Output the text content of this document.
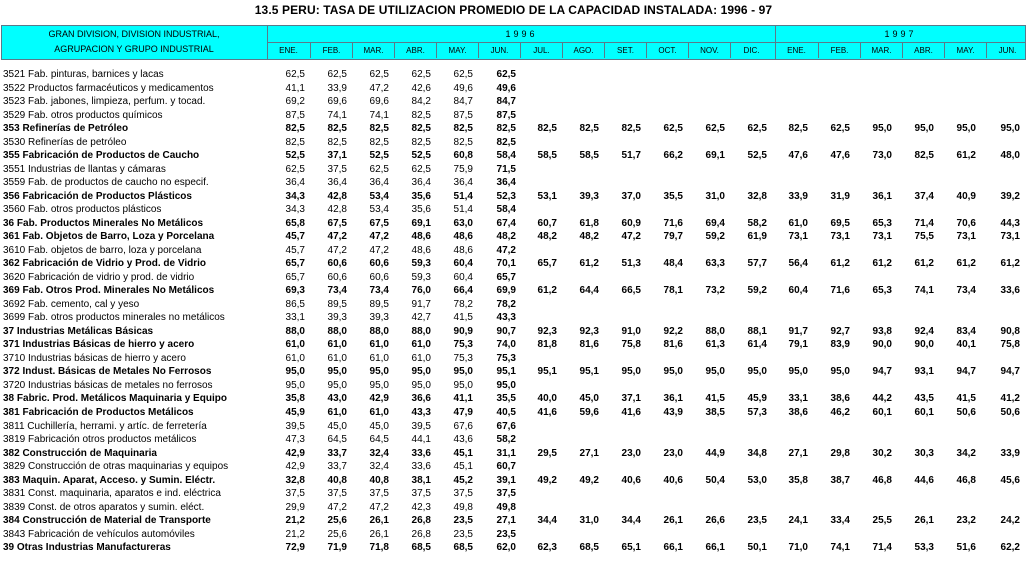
13.5 PERU: TASA DE UTILIZACION PROMEDIO DE LA CAPACIDAD INSTALADA: 1996 - 97
GRAN DIVISION, DIVISION INDUSTRIAL,
AGRUPACION Y GRUPO INDUSTRIAL
1996	1997
ENE.	FEB.	MAR.	ABR.	MAY.	JUN.	JUL.	AGO.	SET.	OCT.	NOV.	DIC.	ENE.	FEB.	MAR.	ABR.	MAY.	JUN.
3521 Fab. pinturas, barnices y lacas	62,5	62,5	62,5	62,5	62,5	62,5
3522 Productos farmacéuticos y medicamentos	41,1	33,9	47,2	42,6	49,6	49,6
3523 Fab. jabones, limpieza, perfum. y tocad.	69,2	69,6	69,6	84,2	84,7	84,7
3529 Fab. otros productos químicos	87,5	74,1	74,1	82,5	87,5	87,5
353 Refinerías de Petróleo	82,5	82,5	82,5	82,5	82,5	82,5	82,5	82,5	82,5	62,5	62,5	62,5	82,5	62,5	95,0	95,0	95,0	95,0
3530 Refinerías de petróleo	82,5	82,5	82,5	82,5	82,5	82,5
355 Fabricación de Productos de Caucho	52,5	37,1	52,5	52,5	60,8	58,4	58,5	58,5	51,7	66,2	69,1	52,5	47,6	47,6	73,0	82,5	61,2	48,0
3551 Industrias de llantas y cámaras	62,5	37,5	62,5	62,5	75,9	71,5
3559 Fab. de productos de caucho no especif.	36,4	36,4	36,4	36,4	36,4	36,4
356 Fabricación de Productos Plásticos	34,3	42,8	53,4	35,6	51,4	52,3	53,1	39,3	37,0	35,5	31,0	32,8	33,9	31,9	36,1	37,4	40,9	39,2
3560 Fab. otros productos plásticos	34,3	42,8	53,4	35,6	51,4	58,4
36 Fab. Productos Minerales No Metálicos	65,8	67,5	67,5	69,1	63,0	67,4	60,7	61,8	60,9	71,6	69,4	58,2	61,0	69,5	65,3	71,4	70,6	44,3
361 Fab. Objetos de Barro, Loza y Porcelana	45,7	47,2	47,2	48,6	48,6	48,2	48,2	48,2	47,2	79,7	59,2	61,9	73,1	73,1	73,1	75,5	73,1	73,1
3610 Fab. objetos de barro, loza y porcelana	45,7	47,2	47,2	48,6	48,6	47,2
362 Fabricación de Vidrio y Prod. de Vidrio	65,7	60,6	60,6	59,3	60,4	70,1	65,7	61,2	51,3	48,4	63,3	57,7	56,4	61,2	61,2	61,2	61,2	61,2
3620 Fabricación de vidrio y prod. de vidrio	65,7	60,6	60,6	59,3	60,4	65,7
369 Fab. Otros Prod. Minerales No Metálicos	69,3	73,4	73,4	76,0	66,4	69,9	61,2	64,4	66,5	78,1	73,2	59,2	60,4	71,6	65,3	74,1	73,4	33,6
3692 Fab. cemento, cal y yeso	86,5	89,5	89,5	91,7	78,2	78,2
3699 Fab. otros productos minerales no metálicos	33,1	39,3	39,3	42,7	41,5	43,3
37 Industrias Metálicas Básicas	88,0	88,0	88,0	88,0	90,9	90,7	92,3	92,3	91,0	92,2	88,0	88,1	91,7	92,7	93,8	92,4	83,4	90,8
371 Industrias Básicas de hierro y acero	61,0	61,0	61,0	61,0	75,3	74,0	81,8	81,6	75,8	81,6	61,3	61,4	79,1	83,9	90,0	90,0	40,1	75,8
3710 Industrias básicas de hierro y acero	61,0	61,0	61,0	61,0	75,3	75,3
372 Indust. Básicas de Metales No Ferrosos	95,0	95,0	95,0	95,0	95,0	95,1	95,1	95,1	95,0	95,0	95,0	95,0	95,0	95,0	94,7	93,1	94,7	94,7
3720 Industrias básicas de metales no ferrosos	95,0	95,0	95,0	95,0	95,0	95,0
38 Fabric. Prod. Metálicos Maquinaria y Equipo	35,8	43,0	42,9	36,6	41,1	35,5	40,0	45,0	37,1	36,1	41,5	45,9	33,1	38,6	44,2	43,5	41,5	41,2
381 Fabricación de Productos Metálicos	45,9	61,0	61,0	43,3	47,9	40,5	41,6	59,6	41,6	43,9	38,5	57,3	38,6	46,2	60,1	60,1	50,6	50,6
3811 Cuchillería, herrami. y artíc. de ferretería	39,5	45,0	45,0	39,5	67,6	67,6
3819 Fabricación otros productos metálicos	47,3	64,5	64,5	44,1	43,6	58,2
382 Construcción de Maquinaria	42,9	33,7	32,4	33,6	45,1	31,1	29,5	27,1	23,0	23,0	44,9	34,8	27,1	29,8	30,2	30,3	34,2	33,9
3829 Construcción de otras maquinarias y equipos	42,9	33,7	32,4	33,6	45,1	60,7
383 Maquin. Aparat, Acceso. y Sumin. Eléctr.	32,8	40,8	40,8	38,1	45,2	39,1	49,2	49,2	40,6	40,6	50,4	53,0	35,8	38,7	46,8	44,6	46,8	45,6
3831 Const. maquinaria, aparatos e ind. eléctrica	37,5	37,5	37,5	37,5	37,5	37,5
3839 Const. de otros aparatos y sumin. eléct.	29,9	47,2	47,2	42,3	49,8	49,8
384 Construcción de Material de Transporte	21,2	25,6	26,1	26,8	23,5	27,1	34,4	31,0	34,4	26,1	26,6	23,5	24,1	33,4	25,5	26,1	23,2	24,2
3843 Fabricación de vehículos automóviles	21,2	25,6	26,1	26,8	23,5	23,5
39 Otras Industrias Manufactureras	72,9	71,9	71,8	68,5	68,5	62,0	62,3	68,5	65,1	66,1	66,1	50,1	71,0	74,1	71,4	53,3	51,6	62,2
